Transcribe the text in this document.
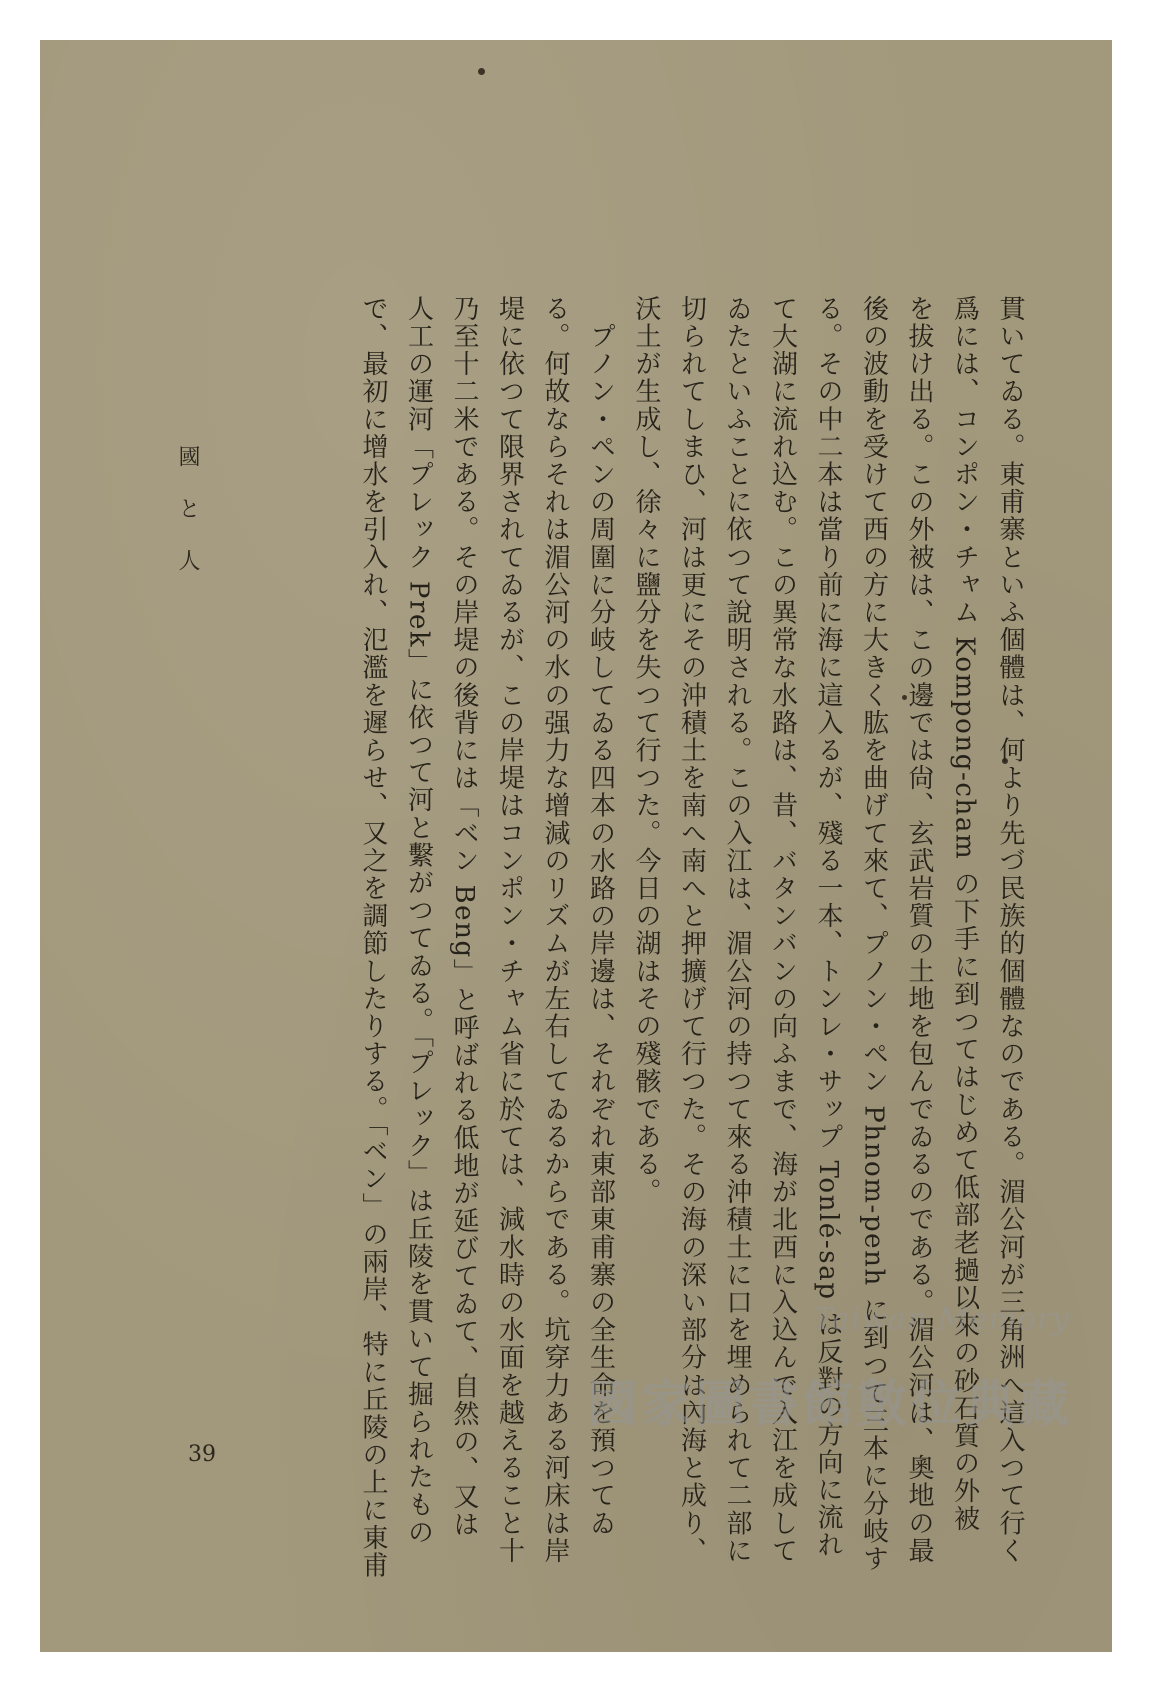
貫いてゐる。東甫寨といふ個體は、何より先づ民族的個體なのである。湄公河が三角洲へ這入つて行く
爲には、コンポン・チャム Kompong-cham の下手に到つてはじめて低部老撾以來の砂石質の外被
を拔け出る。この外被は、この邊では尙、玄武岩質の土地を包んでゐるのである。湄公河は、奧地の最
後の波動を受けて西の方に大きく肱を曲げて來て、プノン・ペン Phnom-penh に到つて三本に分岐す
る。その中二本は當り前に海に這入るが、殘る一本、トンレ・サップ Tonlé-sap は反對の方向に流れ
て大湖に流れ込む。この異常な水路は、昔、バタンバンの向ふまで、海が北西に入込んで入江を成して
ゐたといふことに依つて說明される。この入江は、湄公河の持つて來る沖積土に口を埋められて二部に
切られてしまひ、河は更にその沖積土を南へ南へと押擴げて行つた。その海の深い部分は內海と成り、
沃土が生成し、徐々に鹽分を失つて行つた。今日の湖はその殘骸である。
　プノン・ペンの周圍に分岐してゐる四本の水路の岸邊は、それぞれ東部東甫寨の全生命を預つてゐ
る。何故ならそれは湄公河の水の强力な增減のリズムが左右してゐるからである。坑穿力ある河床は岸
堤に依つて限界されてゐるが、この岸堤はコンポン・チャム省に於ては、減水時の水面を越えること十
乃至十二米である。その岸堤の後背には「ベン Beng」と呼ばれる低地が延びてゐて、自然の、又は
人工の運河「プレック Prek」に依つて河と繫がつてゐる。「プレック」は丘陵を貫いて掘られたもの
で、最初に增水を引入れ、氾濫を遲らせ、又之を調節したりする。「ベン」の兩岸、特に丘陵の上に東甫
國と人
39
Taiwan Memory
國家圖書館數位典藏
